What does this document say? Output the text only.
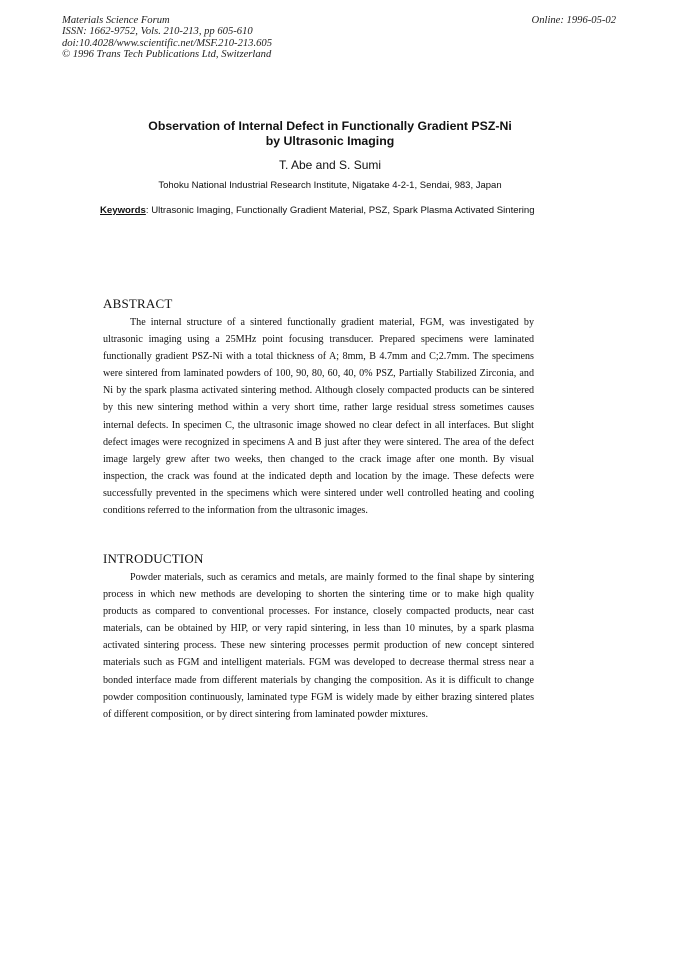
Materials Science Forum
ISSN: 1662-9752, Vols. 210-213, pp 605-610
doi:10.4028/www.scientific.net/MSF.210-213.605
© 1996 Trans Tech Publications Ltd, Switzerland
Online: 1996-05-02
Observation of Internal Defect in Functionally Gradient PSZ-Ni
by Ultrasonic Imaging
T. Abe and S. Sumi
Tohoku National Industrial Research Institute, Nigatake 4-2-1, Sendai, 983, Japan
Keywords: Ultrasonic Imaging, Functionally Gradient Material, PSZ, Spark Plasma Activated Sintering
ABSTRACT

The internal structure of a sintered functionally gradient material, FGM, was investigated by ultrasonic imaging using a 25MHz point focusing transducer. Prepared specimens were laminated functionally gradient PSZ-Ni with a total thickness of A; 8mm, B 4.7mm and C;2.7mm. The specimens were sintered from laminated powders of 100, 90, 80, 60, 40, 0% PSZ, Partially Stabilized Zirconia, and Ni by the spark plasma activated sintering method. Although closely compacted products can be sintered by this new sintering method within a very short time, rather large residual stress sometimes causes internal defects. In specimen C, the ultrasonic image showed no clear defect in all interfaces. But slight defect images were recognized in specimens A and B just after they were sintered. The area of the defect image largely grew after two weeks, then changed to the crack image after one month. By visual inspection, the crack was found at the indicated depth and location by the image. These defects were successfully prevented in the specimens which were sintered under well controlled heating and cooling conditions referred to the information from the ultrasonic images.

INTRODUCTION

Powder materials, such as ceramics and metals, are mainly formed to the final shape by sintering process in which new methods are developing to shorten the sintering time or to make high quality products as compared to conventional processes. For instance, closely compacted products, near cast materials, can be obtained by HIP, or very rapid sintering, in less than 10 minutes, by a spark plasma activated sintering process. These new sintering processes permit production of new concept sintered materials such as FGM and intelligent materials. FGM was developed to decrease thermal stress near a bonded interface made from different materials by changing the composition. As it is difficult to change powder composition continuously, laminated type FGM is widely made by either brazing sintered plates of different composition, or by direct sintering from laminated powder mixtures.
